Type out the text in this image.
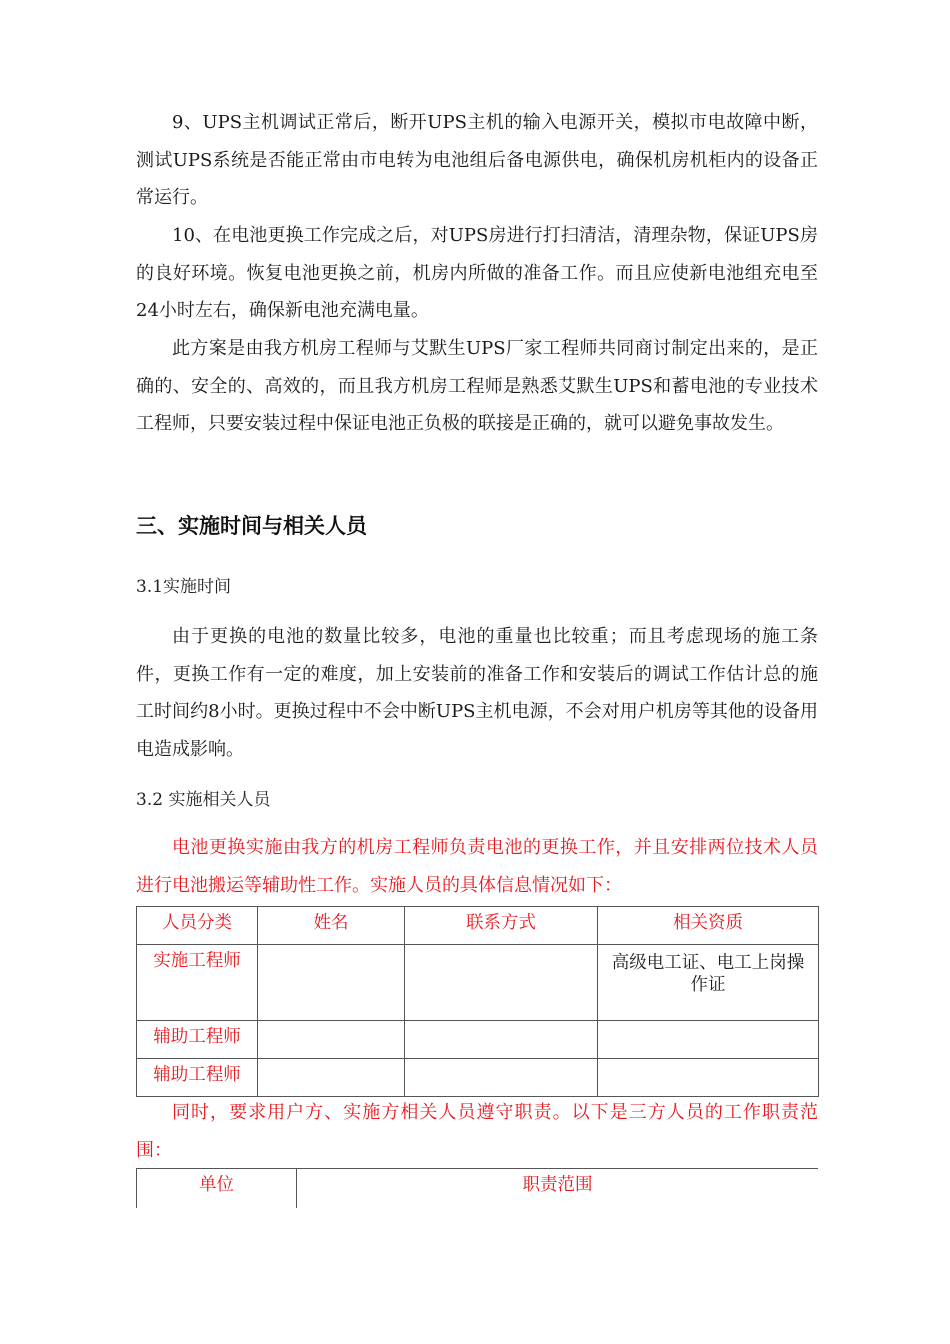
9、UPS主机调试正常后，断开UPS主机的输入电源开关，模拟市电故障中断，测试UPS系统是否能正常由市电转为电池组后备电源供电，确保机房机柜内的设备正常运行。

10、在电池更换工作完成之后，对UPS房进行打扫清洁，清理杂物，保证UPS房的良好环境。恢复电池更换之前，机房内所做的准备工作。而且应使新电池组充电至24小时左右，确保新电池充满电量。

此方案是由我方机房工程师与艾默生UPS厂家工程师共同商讨制定出来的，是正确的、安全的、高效的，而且我方机房工程师是熟悉艾默生UPS和蓄电池的专业技术工程师，只要安装过程中保证电池正负极的联接是正确的，就可以避免事故发生。

三、实施时间与相关人员

3.1实施时间

由于更换的电池的数量比较多，电池的重量也比较重；而且考虑现场的施工条件，更换工作有一定的难度，加上安装前的准备工作和安装后的调试工作估计总的施工时间约8小时。更换过程中不会中断UPS主机电源，不会对用户机房等其他的设备用电造成影响。

3.2 实施相关人员

电池更换实施由我方的机房工程师负责电池的更换工作，并且安排两位技术人员进行电池搬运等辅助性工作。实施人员的具体信息情况如下：

人员分类	姓名	联系方式	相关资质
实施工程师			高级电工证、电工上岗操作证

辅助工程师			
辅助工程师			

同时，要求用户方、实施方相关人员遵守职责。以下是三方人员的工作职责范围：

单位	职责范围
